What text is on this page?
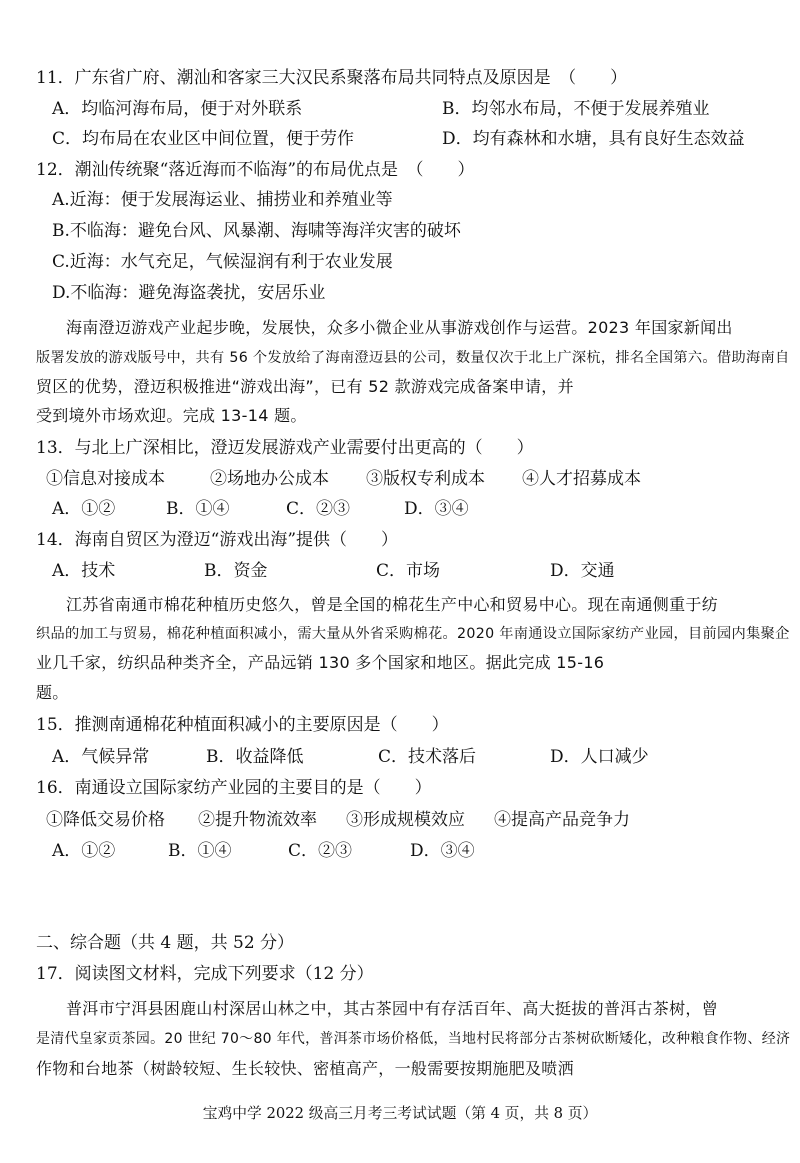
11．广东省广府、潮汕和客家三大汉民系聚落布局共同特点及原因是　（　　）
A．均临河海布局，便于对外联系	B．均邻水布局，不便于发展养殖业
C．均布局在农业区中间位置，便于劳作	D．均有森林和水塘，具有良好生态效益
12．潮汕传统聚“落近海而不临海”的布局优点是　（　　）
A.近海：便于发展海运业、捕捞业和养殖业等
B.不临海：避免台风、风暴潮、海啸等海洋灾害的破坏
C.近海：水气充足，气候湿润有利于农业发展
D.不临海：避免海盗袭扰，安居乐业
海南澄迈游戏产业起步晚，发展快，众多小微企业从事游戏创作与运营。2023 年国家新闻出
版署发放的游戏版号中，共有 56 个发放给了海南澄迈县的公司，数量仅次于北上广深杭，排名全国第六。借助海南自
贸区的优势，澄迈积极推进“游戏出海”，已有 52 款游戏完成备案申请，并
受到境外市场欢迎。完成 13-14 题。
13．与北上广深相比，澄迈发展游戏产业需要付出更高的（　　）
①信息对接成本	②场地办公成本 ③版权专利成本 ④人才招募成本
A．①②	B．①④	C．②③	D．③④
14．海南自贸区为澄迈“游戏出海”提供（　　）
A．技术	B．资金	C．市场	D．交通
江苏省南通市棉花种植历史悠久，曾是全国的棉花生产中心和贸易中心。现在南通侧重于纺
织品的加工与贸易，棉花种植面积减小，需大量从外省采购棉花。2020 年南通设立国际家纺产业园，目前园内集聚企
业几千家，纺织品种类齐全，产品远销 130 多个国家和地区。据此完成 15-16
题。
15．推测南通棉花种植面积减小的主要原因是（　　）
A．气候异常	B．收益降低	C．技术落后	D．人口减少
16．南通设立国际家纺产业园的主要目的是（　　）
①降低交易价格 ②提升物流效率 ③形成规模效应 ④提高产品竞争力
A．①②	B．①④	C．②③	D．③④
二、综合题（共 4 题，共 52 分）
17．阅读图文材料，完成下列要求（12 分）
普洱市宁洱县困鹿山村深居山林之中，其古茶园中有存活百年、高大挺拔的普洱古茶树，曾
是清代皇家贡茶园。20 世纪 70～80 年代，普洱茶市场价格低，当地村民将部分古茶树砍断矮化，改种粮食作物、经济
作物和台地茶（树龄较短、生长较快、密植高产，一般需要按期施肥及喷洒
宝鸡中学 2022 级高三月考三考试试题（第 4 页，共 8 页）
